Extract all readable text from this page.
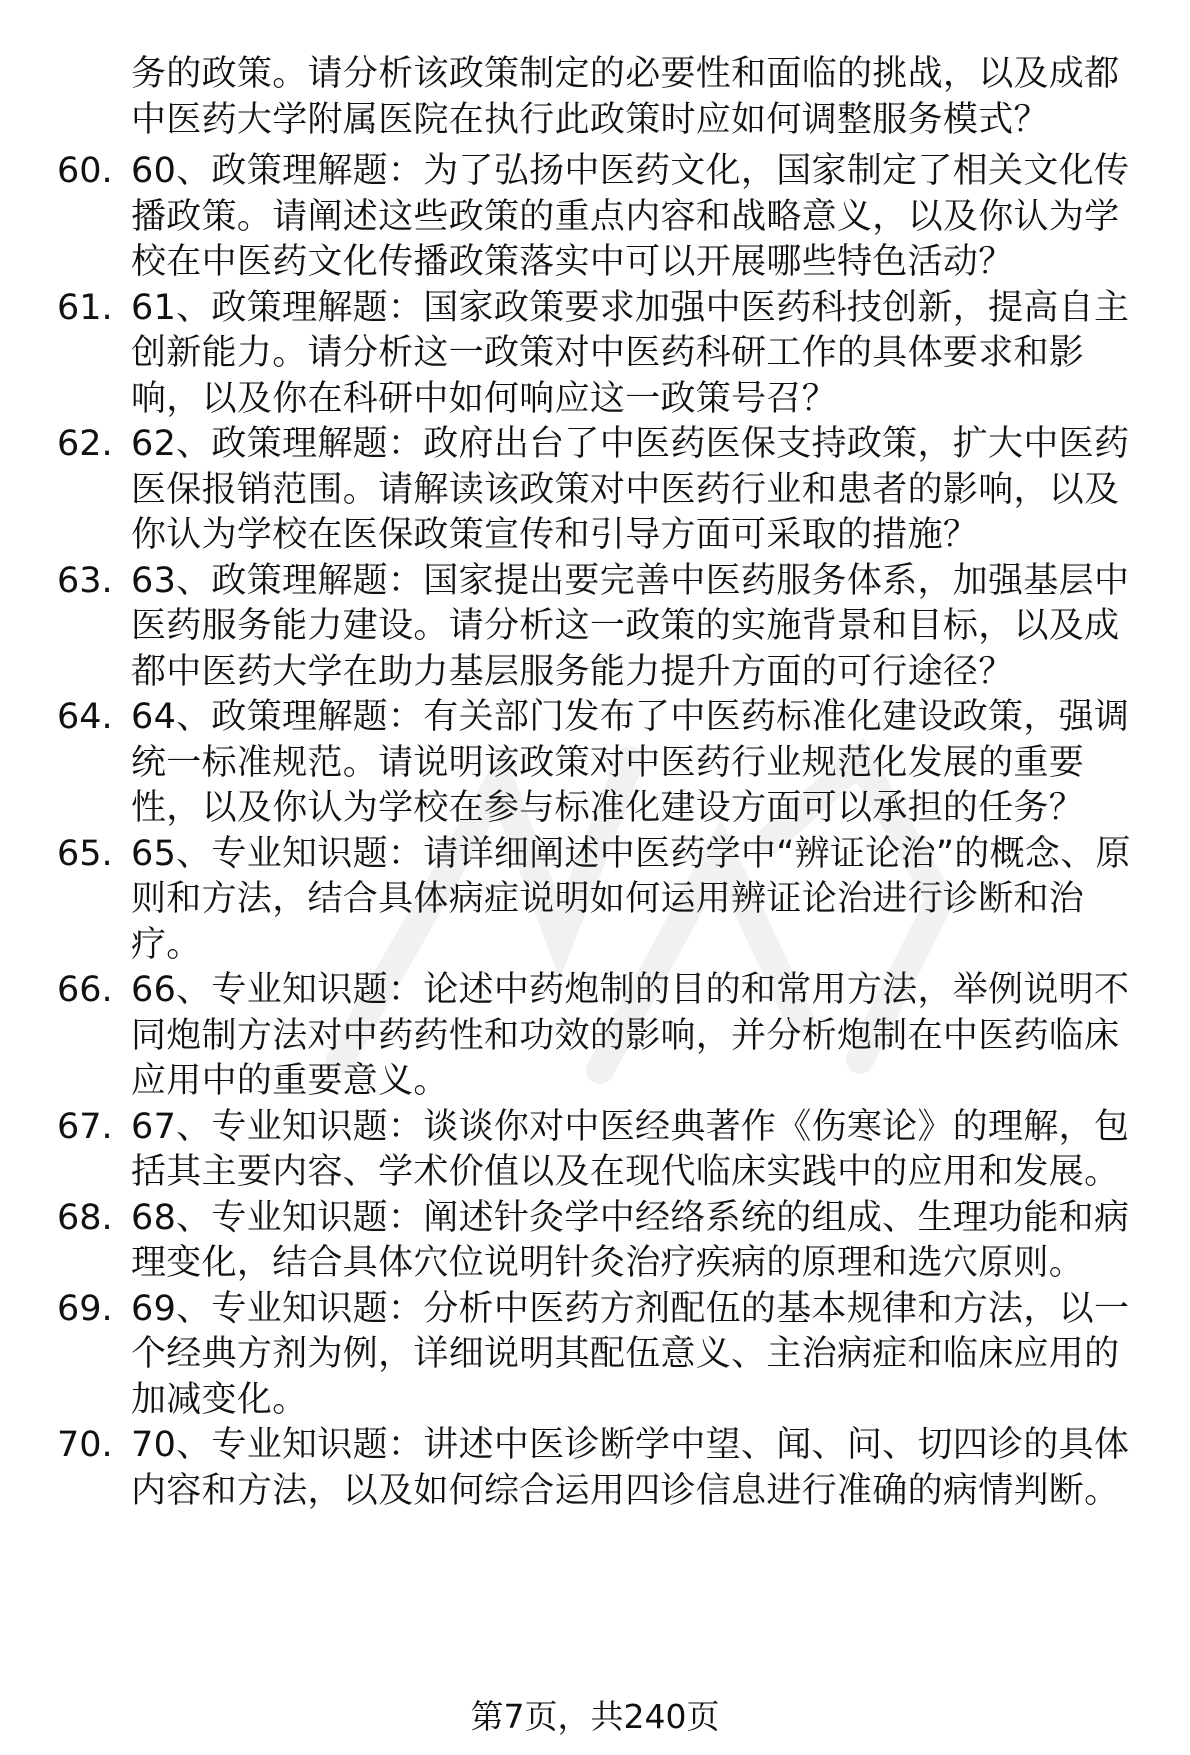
务的政策。请分析该政策制定的必要性和面临的挑战，以及成都中医药大学附属医院在执行此政策时应如何调整服务模式？

60. 60、政策理解题：为了弘扬中医药文化，国家制定了相关文化传播政策。请阐述这些政策的重点内容和战略意义，以及你认为学校在中医药文化传播政策落实中可以开展哪些特色活动？
61. 61、政策理解题：国家政策要求加强中医药科技创新，提高自主创新能力。请分析这一政策对中医药科研工作的具体要求和影响，以及你在科研中如何响应这一政策号召？
62. 62、政策理解题：政府出台了中医药医保支持政策，扩大中医药医保报销范围。请解读该政策对中医药行业和患者的影响，以及你认为学校在医保政策宣传和引导方面可采取的措施？
63. 63、政策理解题：国家提出要完善中医药服务体系，加强基层中医药服务能力建设。请分析这一政策的实施背景和目标，以及成都中医药大学在助力基层服务能力提升方面的可行途径？
64. 64、政策理解题：有关部门发布了中医药标准化建设政策，强调统一标准规范。请说明该政策对中医药行业规范化发展的重要性，以及你认为学校在参与标准化建设方面可以承担的任务？
65. 65、专业知识题：请详细阐述中医药学中“辨证论治”的概念、原则和方法，结合具体病症说明如何运用辨证论治进行诊断和治疗。
66. 66、专业知识题：论述中药炮制的目的和常用方法，举例说明不同炮制方法对中药药性和功效的影响，并分析炮制在中医药临床应用中的重要意义。
67. 67、专业知识题：谈谈你对中医经典著作《伤寒论》的理解，包括其主要内容、学术价值以及在现代临床实践中的应用和发展。
68. 68、专业知识题：阐述针灸学中经络系统的组成、生理功能和病理变化，结合具体穴位说明针灸治疗疾病的原理和选穴原则。
69. 69、专业知识题：分析中医药方剂配伍的基本规律和方法，以一个经典方剂为例，详细说明其配伍意义、主治病症和临床应用的加减变化。
70. 70、专业知识题：讲述中医诊断学中望、闻、问、切四诊的具体内容和方法，以及如何综合运用四诊信息进行准确的病情判断。
第7页，共240页
